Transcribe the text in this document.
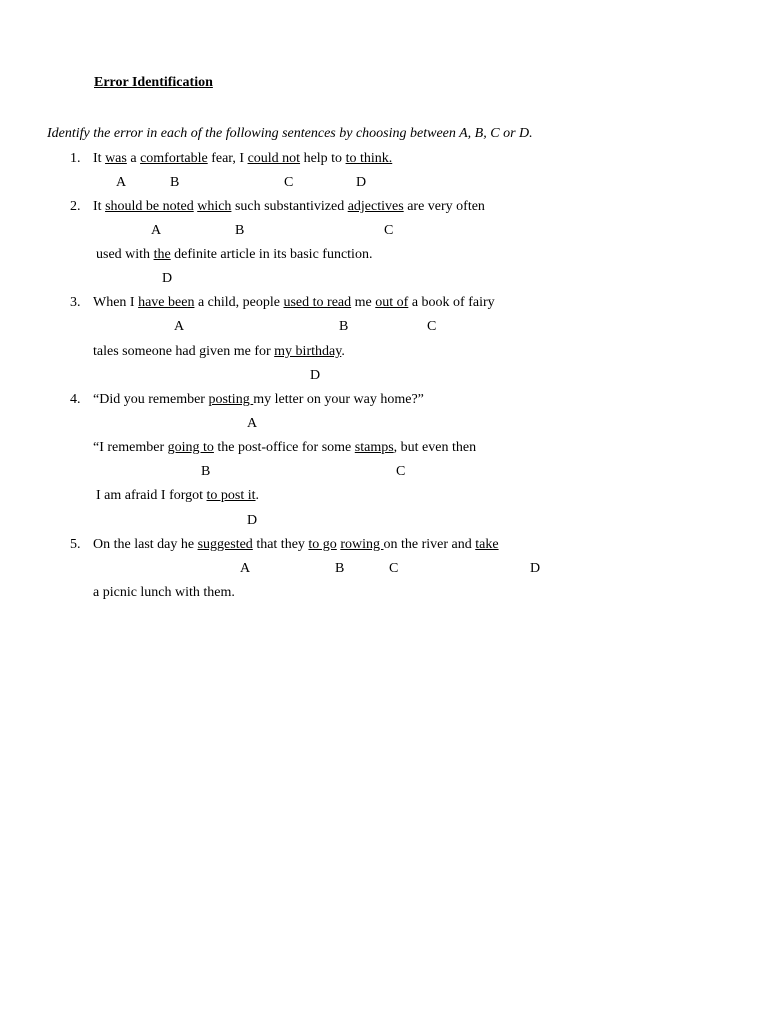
Error Identification
Identify the error in each of the following sentences by choosing between A, B, C or D.
1. It was a comfortable fear, I could not help to to think.
A	B	C	D
2. It should be noted which such substantivized adjectives are very often
A	B	C
used with the definite article in its basic function.
D
3. When I have been a child, people used to read me out of a book of fairy
A	B	C
tales someone had given me for my birthday.
D
4. “Did you remember posting my letter on your way home?”
A
“I remember going to the post-office for some stamps, but even then
B	C
I am afraid I forgot to post it.
D
5. On the last day he suggested that they to go rowing on the river and take
A	B	C	D
a picnic lunch with them.
